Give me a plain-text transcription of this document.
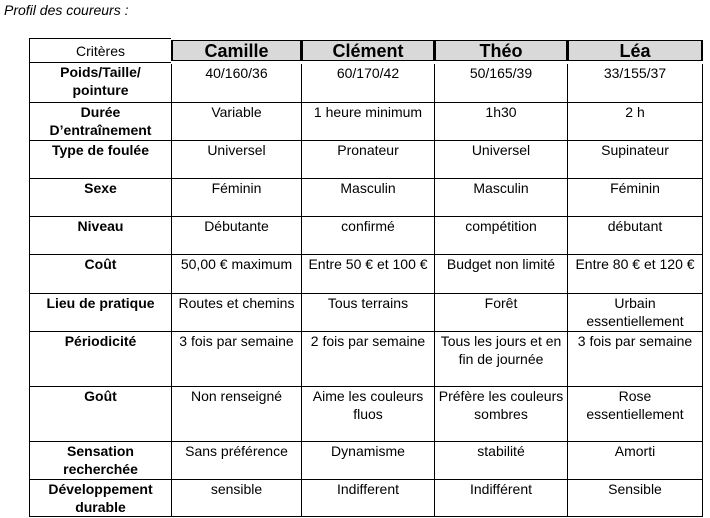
Profil des coureurs :
Critères	Camille	Clément	Théo	Léa
Poids/Taille/ pointure	40/160/36	60/170/42	50/165/39	33/155/37
Durée D’entraînement	Variable	1 heure minimum	1h30	2 h
Type de foulée	Universel	Pronateur	Universel	Supinateur
Sexe	Féminin	Masculin	Masculin	Féminin
Niveau	Débutante	confirmé	compétition	débutant
Coût	50,00 € maximum	Entre 50 € et 100 €	Budget non limité	Entre 80 € et 120 €
Lieu de pratique	Routes et chemins	Tous terrains	Forêt	Urbain essentiellement
Périodicité	3 fois par semaine	2 fois par semaine	Tous les jours et en fin de journée	3 fois par semaine
Goût	Non renseigné	Aime les couleurs fluos	Préfère les couleurs sombres	Rose essentiellement
Sensation recherchée	Sans préférence	Dynamisme	stabilité	Amorti
Développement durable	sensible	Indifferent	Indifférent	Sensible
